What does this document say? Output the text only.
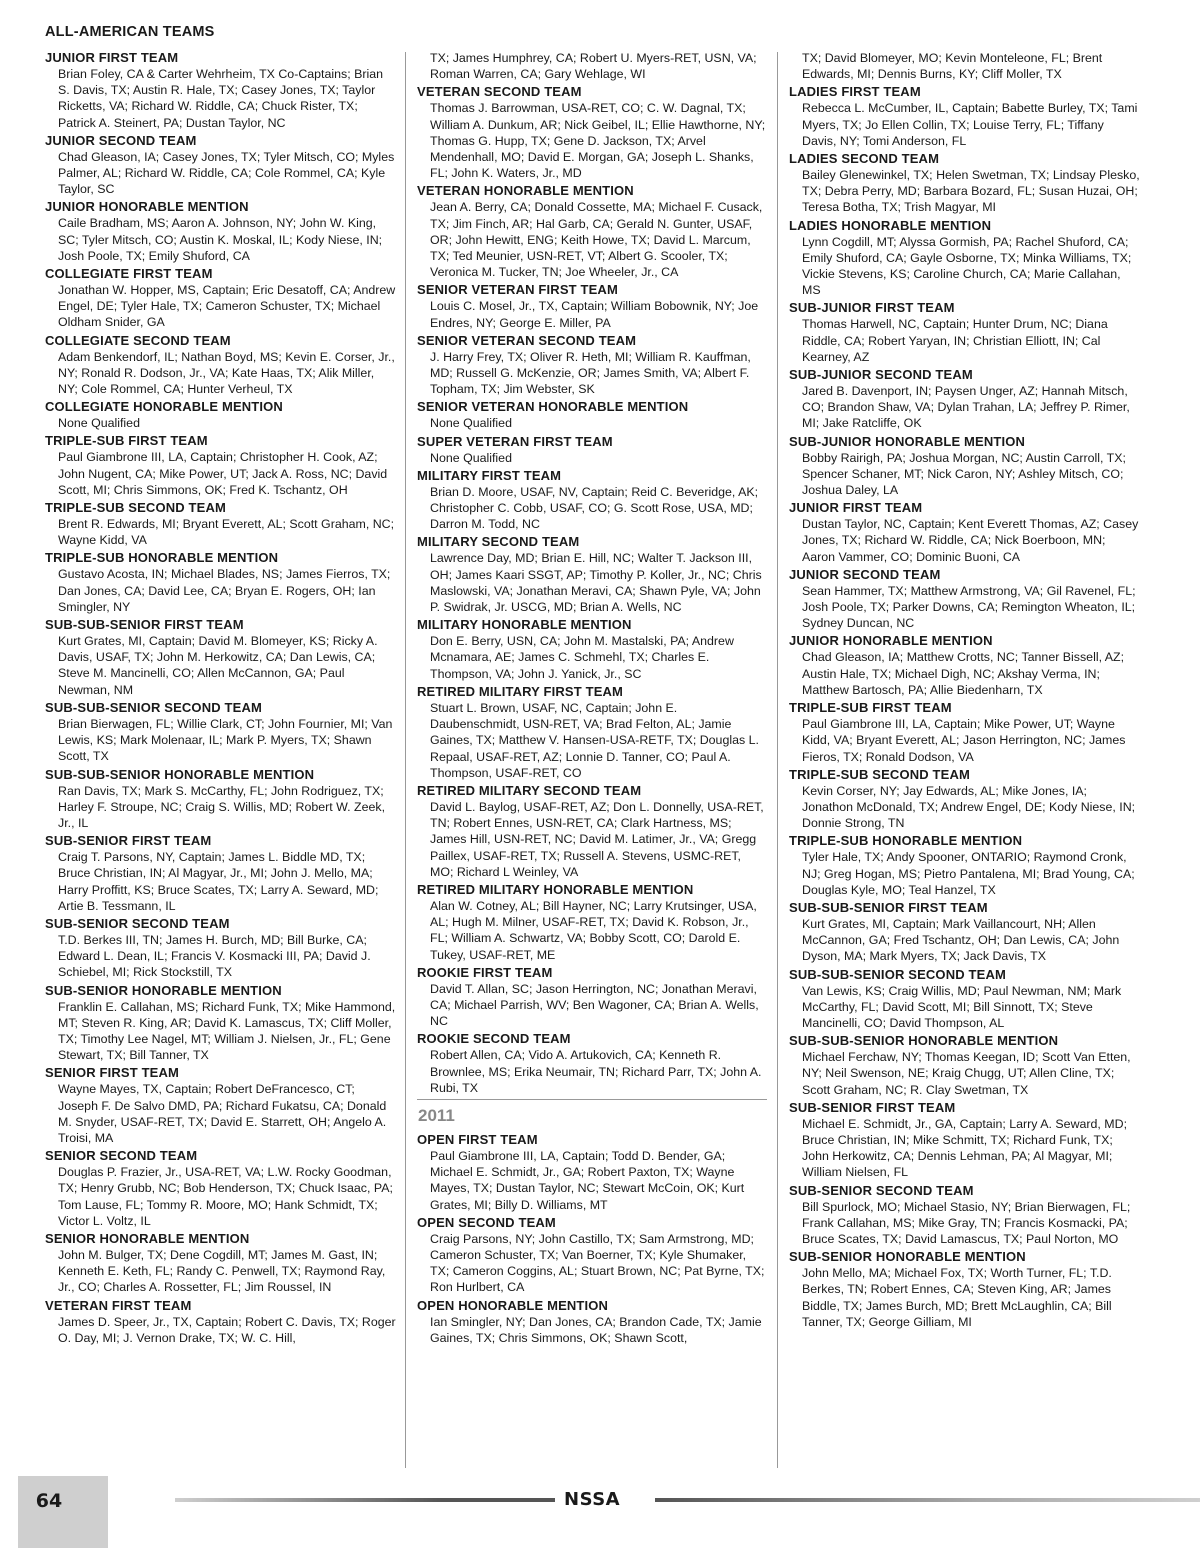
ALL-AMERICAN TEAMS
JUNIOR FIRST TEAM
Brian Foley, CA & Carter Wehrheim, TX Co-Captains; Brian S. Davis, TX; Austin R. Hale, TX; Casey Jones, TX; Taylor Ricketts, VA; Richard W. Riddle, CA; Chuck Rister, TX; Patrick A. Steinert, PA; Dustan Taylor, NC
JUNIOR SECOND TEAM
Chad Gleason, IA; Casey Jones, TX; Tyler Mitsch, CO; Myles Palmer, AL; Richard W. Riddle, CA; Cole Rommel, CA; Kyle Taylor, SC
JUNIOR HONORABLE MENTION
Caile Bradham, MS; Aaron A. Johnson, NY; John W. King, SC; Tyler Mitsch, CO; Austin K. Moskal, IL; Kody Niese, IN; Josh Poole, TX; Emily Shuford, CA
COLLEGIATE FIRST TEAM
Jonathan W. Hopper, MS, Captain; Eric Desatoff, CA; Andrew Engel, DE; Tyler Hale, TX; Cameron Schuster, TX; Michael Oldham Snider, GA
COLLEGIATE SECOND TEAM
Adam Benkendorf, IL; Nathan Boyd, MS; Kevin E. Corser, Jr., NY; Ronald R. Dodson, Jr., VA; Kate Haas, TX; Alik Miller, NY; Cole Rommel, CA; Hunter Verheul, TX
COLLEGIATE HONORABLE MENTION
None Qualified
TRIPLE-SUB FIRST TEAM
Paul Giambrone III, LA, Captain; Christopher H. Cook, AZ; John Nugent, CA; Mike Power, UT; Jack A. Ross, NC; David Scott, MI; Chris Simmons, OK; Fred K. Tschantz, OH
TRIPLE-SUB SECOND TEAM
Brent R. Edwards, MI; Bryant Everett, AL; Scott Graham, NC; Wayne Kidd, VA
TRIPLE-SUB HONORABLE MENTION
Gustavo Acosta, IN; Michael Blades, NS; James Fierros, TX; Dan Jones, CA; David Lee, CA; Bryan E. Rogers, OH; Ian Smingler, NY
SUB-SUB-SENIOR FIRST TEAM
Kurt Grates, MI, Captain; David M. Blomeyer, KS; Ricky A. Davis, USAF, TX; John M. Herkowitz, CA; Dan Lewis, CA; Steve M. Mancinelli, CO; Allen McCannon, GA; Paul Newman, NM
SUB-SUB-SENIOR SECOND TEAM
Brian Bierwagen, FL; Willie Clark, CT; John Fournier, MI; Van Lewis, KS; Mark Molenaar, IL; Mark P. Myers, TX; Shawn Scott, TX
SUB-SUB-SENIOR HONORABLE MENTION
Ran Davis, TX; Mark S. McCarthy, FL; John Rodriguez, TX; Harley F. Stroupe, NC; Craig S. Willis, MD; Robert W. Zeek, Jr., IL
SUB-SENIOR FIRST TEAM
Craig T. Parsons, NY, Captain; James L. Biddle MD, TX; Bruce Christian, IN; Al Magyar, Jr., MI; John J. Mello, MA; Harry Proffitt, KS; Bruce Scates, TX; Larry A. Seward, MD; Artie B. Tessmann, IL
SUB-SENIOR SECOND TEAM
T.D. Berkes III, TN; James H. Burch, MD; Bill Burke, CA; Edward L. Dean, IL; Francis V. Kosmacki III, PA; David J. Schiebel, MI; Rick Stockstill, TX
SUB-SENIOR HONORABLE MENTION
Franklin E. Callahan, MS; Richard Funk, TX; Mike Hammond, MT; Steven R. King, AR; David K. Lamascus, TX; Cliff Moller, TX; Timothy Lee Nagel, MT; William J. Nielsen, Jr., FL; Gene Stewart, TX; Bill Tanner, TX
SENIOR FIRST TEAM
Wayne Mayes, TX, Captain; Robert DeFrancesco, CT; Joseph F. De Salvo DMD, PA; Richard Fukatsu, CA; Donald M. Snyder, USAF-RET, TX; David E. Starrett, OH; Angelo A. Troisi, MA
SENIOR SECOND TEAM
Douglas P. Frazier, Jr., USA-RET, VA; L.W. Rocky Goodman, TX; Henry Grubb, NC; Bob Henderson, TX; Chuck Isaac, PA; Tom Lause, FL; Tommy R. Moore, MO; Hank Schmidt, TX; Victor L. Voltz, IL
SENIOR HONORABLE MENTION
John M. Bulger, TX; Dene Cogdill, MT; James M. Gast, IN; Kenneth E. Keth, FL; Randy C. Penwell, TX; Raymond Ray, Jr., CO; Charles A. Rossetter, FL; Jim Roussel, IN
VETERAN FIRST TEAM
James D. Speer, Jr., TX, Captain; Robert C. Davis, TX; Roger O. Day, MI; J. Vernon Drake, TX; W. C. Hill,
TX; James Humphrey, CA; Robert U. Myers-RET, USN, VA; Roman Warren, CA; Gary Wehlage, WI
VETERAN SECOND TEAM
Thomas J. Barrowman, USA-RET, CO; C. W. Dagnal, TX; William A. Dunkum, AR; Nick Geibel, IL; Ellie Hawthorne, NY; Thomas G. Hupp, TX; Gene D. Jackson, TX; Arvel Mendenhall, MO; David E. Morgan, GA; Joseph L. Shanks, FL; John K. Waters, Jr., MD
VETERAN HONORABLE MENTION
Jean A. Berry, CA; Donald Cossette, MA; Michael F. Cusack, TX; Jim Finch, AR; Hal Garb, CA; Gerald N. Gunter, USAF, OR; John Hewitt, ENG; Keith Howe, TX; David L. Marcum, TX; Ted Meunier, USN-RET, VT; Albert G. Scooler, TX; Veronica M. Tucker, TN; Joe Wheeler, Jr., CA
SENIOR VETERAN FIRST TEAM
Louis C. Mosel, Jr., TX, Captain; William Bobownik, NY; Joe Endres, NY; George E. Miller, PA
SENIOR VETERAN SECOND TEAM
J. Harry Frey, TX; Oliver R. Heth, MI; William R. Kauffman, MD; Russell G. McKenzie, OR; James Smith, VA; Albert F. Topham, TX; Jim Webster, SK
SENIOR VETERAN HONORABLE MENTION
None Qualified
SUPER VETERAN FIRST TEAM
None Qualified
MILITARY FIRST TEAM
Brian D. Moore, USAF, NV, Captain; Reid C. Beveridge, AK; Christopher C. Cobb, USAF, CO; G. Scott Rose, USA, MD; Darron M. Todd, NC
MILITARY SECOND TEAM
Lawrence Day, MD; Brian E. Hill, NC; Walter T. Jackson III, OH; James Kaari SSGT, AP; Timothy P. Koller, Jr., NC; Chris Maslowski, VA; Jonathan Meravi, CA; Shawn Pyle, VA; John P. Swidrak, Jr. USCG, MD; Brian A. Wells, NC
MILITARY HONORABLE MENTION
Don E. Berry, USN, CA; John M. Mastalski, PA; Andrew Mcnamara, AE; James C. Schmehl, TX; Charles E. Thompson, VA; John J. Yanick, Jr., SC
RETIRED MILITARY FIRST TEAM
Stuart L. Brown, USAF, NC, Captain; John E. Daubenschmidt, USN-RET, VA; Brad Felton, AL; Jamie Gaines, TX; Matthew V. Hansen-USA-RETF, TX; Douglas L. Repaal, USAF-RET, AZ; Lonnie D. Tanner, CO; Paul A. Thompson, USAF-RET, CO
RETIRED MILITARY SECOND TEAM
David L. Baylog, USAF-RET, AZ; Don L. Donnelly, USA-RET, TN; Robert Ennes, USN-RET, CA; Clark Hartness, MS; James Hill, USN-RET, NC; David M. Latimer, Jr., VA; Gregg Paillex, USAF-RET, TX; Russell A. Stevens, USMC-RET, MO; Richard L Weinley, VA
RETIRED MILITARY HONORABLE MENTION
Alan W. Cotney, AL; Bill Hayner, NC; Larry Krutsinger, USA, AL; Hugh M. Milner, USAF-RET, TX; David K. Robson, Jr., FL; William A. Schwartz, VA; Bobby Scott, CO; Darold E. Tukey, USAF-RET, ME
ROOKIE FIRST TEAM
David T. Allan, SC; Jason Herrington, NC; Jonathan Meravi, CA; Michael Parrish, WV; Ben Wagoner, CA; Brian A. Wells, NC
ROOKIE SECOND TEAM
Robert Allen, CA; Vido A. Artukovich, CA; Kenneth R. Brownlee, MS; Erika Neumair, TN; Richard Parr, TX; John A. Rubi, TX
2011
OPEN FIRST TEAM
Paul Giambrone III, LA, Captain; Todd D. Bender, GA; Michael E. Schmidt, Jr., GA; Robert Paxton, TX; Wayne Mayes, TX; Dustan Taylor, NC; Stewart McCoin, OK; Kurt Grates, MI; Billy D. Williams, MT
OPEN SECOND TEAM
Craig Parsons, NY; John Castillo, TX; Sam Armstrong, MD; Cameron Schuster, TX; Van Boerner, TX; Kyle Shumaker, TX; Cameron Coggins, AL; Stuart Brown, NC; Pat Byrne, TX; Ron Hurlbert, CA
OPEN HONORABLE MENTION
Ian Smingler, NY; Dan Jones, CA; Brandon Cade, TX; Jamie Gaines, TX; Chris Simmons, OK; Shawn Scott,
TX; David Blomeyer, MO; Kevin Monteleone, FL; Brent Edwards, MI; Dennis Burns, KY; Cliff Moller, TX
LADIES FIRST TEAM
Rebecca L. McCumber, IL, Captain; Babette Burley, TX; Tami Myers, TX; Jo Ellen Collin, TX; Louise Terry, FL; Tiffany Davis, NY; Tomi Anderson, FL
LADIES SECOND TEAM
Bailey Glenewinkel, TX; Helen Swetman, TX; Lindsay Plesko, TX; Debra Perry, MD; Barbara Bozard, FL; Susan Huzai, OH; Teresa Botha, TX; Trish Magyar, MI
LADIES HONORABLE MENTION
Lynn Cogdill, MT; Alyssa Gormish, PA; Rachel Shuford, CA; Emily Shuford, CA; Gayle Osborne, TX; Minka Williams, TX; Vickie Stevens, KS; Caroline Church, CA; Marie Callahan, MS
SUB-JUNIOR FIRST TEAM
Thomas Harwell, NC, Captain; Hunter Drum, NC; Diana Riddle, CA; Robert Yaryan, IN; Christian Elliott, IN; Cal Kearney, AZ
SUB-JUNIOR SECOND TEAM
Jared B. Davenport, IN; Paysen Unger, AZ; Hannah Mitsch, CO; Brandon Shaw, VA; Dylan Trahan, LA; Jeffrey P. Rimer, MI; Jake Ratcliffe, OK
SUB-JUNIOR HONORABLE MENTION
Bobby Rairigh, PA; Joshua Morgan, NC; Austin Carroll, TX; Spencer Schaner, MT; Nick Caron, NY; Ashley Mitsch, CO; Joshua Daley, LA
JUNIOR FIRST TEAM
Dustan Taylor, NC, Captain; Kent Everett Thomas, AZ; Casey Jones, TX; Richard W. Riddle, CA; Nick Boerboon, MN; Aaron Vammer, CO; Dominic Buoni, CA
JUNIOR SECOND TEAM
Sean Hammer, TX; Matthew Armstrong, VA; Gil Ravenel, FL; Josh Poole, TX; Parker Downs, CA; Remington Wheaton, IL; Sydney Duncan, NC
JUNIOR HONORABLE MENTION
Chad Gleason, IA; Matthew Crotts, NC; Tanner Bissell, AZ; Austin Hale, TX; Michael Digh, NC; Akshay Verma, IN; Matthew Bartosch, PA; Allie Biedenharn, TX
TRIPLE-SUB FIRST TEAM
Paul Giambrone III, LA, Captain; Mike Power, UT; Wayne Kidd, VA; Bryant Everett, AL; Jason Herrington, NC; James Fieros, TX; Ronald Dodson, VA
TRIPLE-SUB SECOND TEAM
Kevin Corser, NY; Jay Edwards, AL; Mike Jones, IA; Jonathon McDonald, TX; Andrew Engel, DE; Kody Niese, IN; Donnie Strong, TN
TRIPLE-SUB HONORABLE MENTION
Tyler Hale, TX; Andy Spooner, ONTARIO; Raymond Cronk, NJ; Greg Hogan, MS; Pietro Pantalena, MI; Brad Young, CA; Douglas Kyle, MO; Teal Hanzel, TX
SUB-SUB-SENIOR FIRST TEAM
Kurt Grates, MI, Captain; Mark Vaillancourt, NH; Allen McCannon, GA; Fred Tschantz, OH; Dan Lewis, CA; John Dyson, MA; Mark Myers, TX; Jack Davis, TX
SUB-SUB-SENIOR SECOND TEAM
Van Lewis, KS; Craig Willis, MD; Paul Newman, NM; Mark McCarthy, FL; David Scott, MI; Bill Sinnott, TX; Steve Mancinelli, CO; David Thompson, AL
SUB-SUB-SENIOR HONORABLE MENTION
Michael Ferchaw, NY; Thomas Keegan, ID; Scott Van Etten, NY; Neil Swenson, NE; Kraig Chugg, UT; Allen Cline, TX; Scott Graham, NC; R. Clay Swetman, TX
SUB-SENIOR FIRST TEAM
Michael E. Schmidt, Jr., GA, Captain; Larry A. Seward, MD; Bruce Christian, IN; Mike Schmitt, TX; Richard Funk, TX; John Herkowitz, CA; Dennis Lehman, PA; Al Magyar, MI; William Nielsen, FL
SUB-SENIOR SECOND TEAM
Bill Spurlock, MO; Michael Stasio, NY; Brian Bierwagen, FL; Frank Callahan, MS; Mike Gray, TN; Francis Kosmacki, PA; Bruce Scates, TX; David Lamascus, TX; Paul Norton, MO
SUB-SENIOR HONORABLE MENTION
John Mello, MA; Michael Fox, TX; Worth Turner, FL; T.D. Berkes, TN; Robert Ennes, CA; Steven King, AR; James Biddle, TX; James Burch, MD; Brett McLaughlin, CA; Bill Tanner, TX; George Gilliam, MI
64	NSSA
